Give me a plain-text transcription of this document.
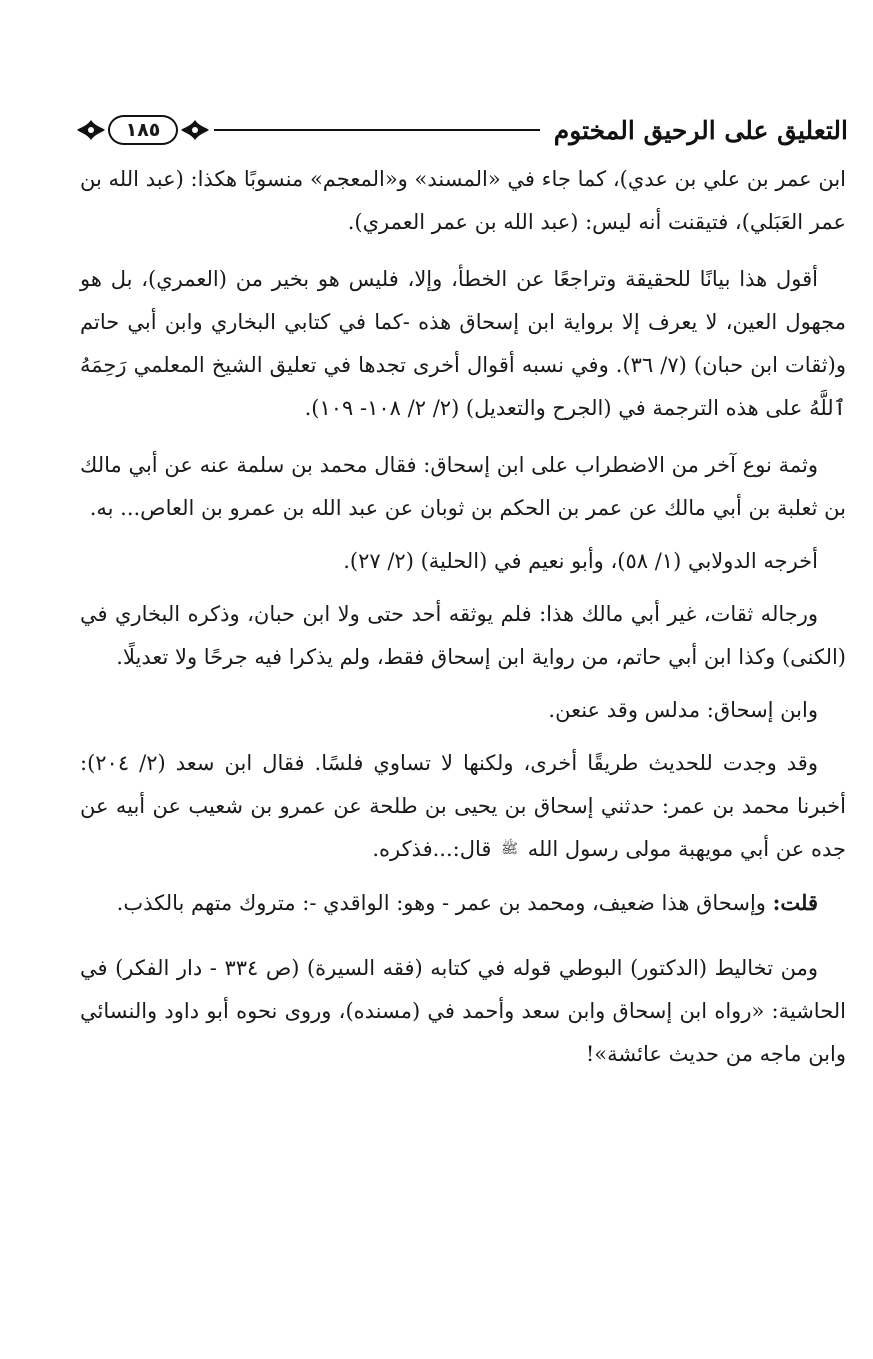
التعليق على الرحيق المختوم
١٨٥

ابن عمر بن علي بن عدي)، كما جاء في «المسند» و«المعجم» منسوبًا هكذا: (عبد الله بن عمر العَبَلي)، فتيقنت أنه ليس: (عبد الله بن عمر العمري).

أقول هذا بيانًا للحقيقة وتراجعًا عن الخطأ، وإلا، فليس هو بخير من (العمري)، بل هو مجهول العين، لا يعرف إلا برواية ابن إسحاق هذه -كما في كتابي البخاري وابن أبي حاتم و(ثقات ابن حبان) (٧/ ٣٦). وفي نسبه أقوال أخرى تجدها في تعليق الشيخ المعلمي رَحِمَهُ ٱللَّهُ على هذه الترجمة في (الجرح والتعديل) (٢/ ٢/ ١٠٨- ١٠٩).

وثمة نوع آخر من الاضطراب على ابن إسحاق: فقال محمد بن سلمة عنه عن أبي مالك بن ثعلبة بن أبي مالك عن عمر بن الحكم بن ثوبان عن عبد الله بن عمرو بن العاص... به.

أخرجه الدولابي (١/ ٥٨)، وأبو نعيم في (الحلية) (٢/ ٢٧).

ورجاله ثقات، غير أبي مالك هذا: فلم يوثقه أحد حتى ولا ابن حبان، وذكره البخاري في (الكنى) وكذا ابن أبي حاتم، من رواية ابن إسحاق فقط، ولم يذكرا فيه جرحًا ولا تعديلًا.

وابن إسحاق: مدلس وقد عنعن.

وقد وجدت للحديث طريقًا أخرى، ولكنها لا تساوي فلسًا. فقال ابن سعد (٢/ ٢٠٤): أخبرنا محمد بن عمر: حدثني إسحاق بن يحيى بن طلحة عن عمرو بن شعيب عن أبيه عن جده عن أبي مويهبة مولى رسول الله ﷺ قال:...فذكره.

قلت: وإسحاق هذا ضعيف، ومحمد بن عمر - وهو: الواقدي -: متروك متهم بالكذب.

ومن تخاليط (الدكتور) البوطي قوله في كتابه (فقه السيرة) (ص ٣٣٤ - دار الفكر) في الحاشية: «رواه ابن إسحاق وابن سعد وأحمد في (مسنده)، وروى نحوه أبو داود والنسائي وابن ماجه من حديث عائشة»!
